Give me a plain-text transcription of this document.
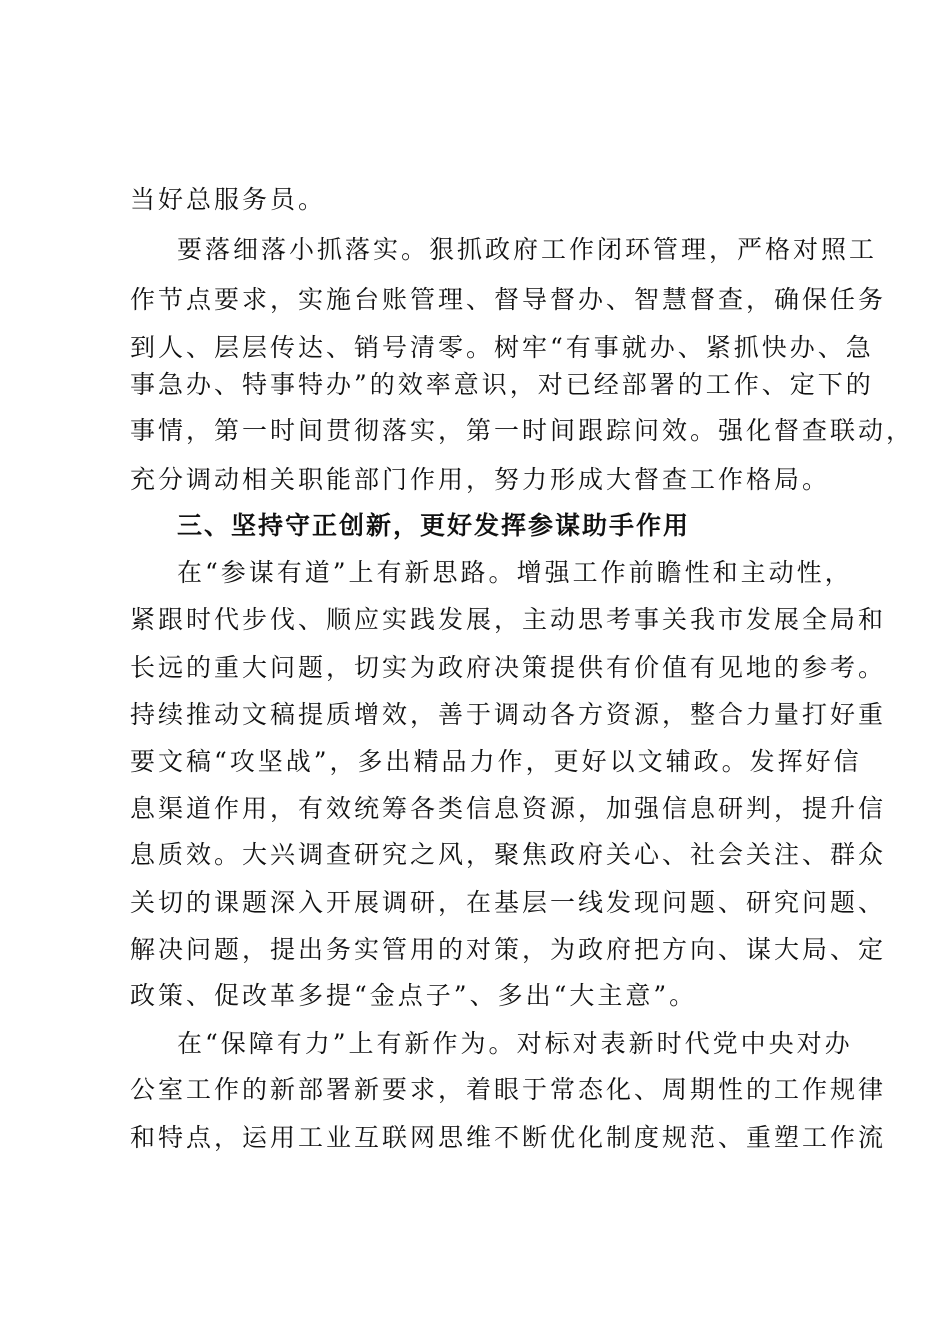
当好总服务员。
要落细落小抓落实。狠抓政府工作闭环管理，严格对照工
作节点要求，实施台账管理、督导督办、智慧督查，确保任务
到人、层层传达、销号清零。树牢“有事就办、紧抓快办、急
事急办、特事特办”的效率意识，对已经部署的工作、定下的
事情，第一时间贯彻落实，第一时间跟踪问效。强化督查联动，
充分调动相关职能部门作用，努力形成大督查工作格局。
三、坚持守正创新，更好发挥参谋助手作用
在“参谋有道”上有新思路。增强工作前瞻性和主动性，
紧跟时代步伐、顺应实践发展，主动思考事关我市发展全局和
长远的重大问题，切实为政府决策提供有价值有见地的参考。
持续推动文稿提质增效，善于调动各方资源，整合力量打好重
要文稿“攻坚战”，多出精品力作，更好以文辅政。发挥好信
息渠道作用，有效统筹各类信息资源，加强信息研判，提升信
息质效。大兴调查研究之风，聚焦政府关心、社会关注、群众
关切的课题深入开展调研，在基层一线发现问题、研究问题、
解决问题，提出务实管用的对策，为政府把方向、谋大局、定
政策、促改革多提“金点子”、多出“大主意”。
在“保障有力”上有新作为。对标对表新时代党中央对办
公室工作的新部署新要求，着眼于常态化、周期性的工作规律
和特点，运用工业互联网思维不断优化制度规范、重塑工作流
